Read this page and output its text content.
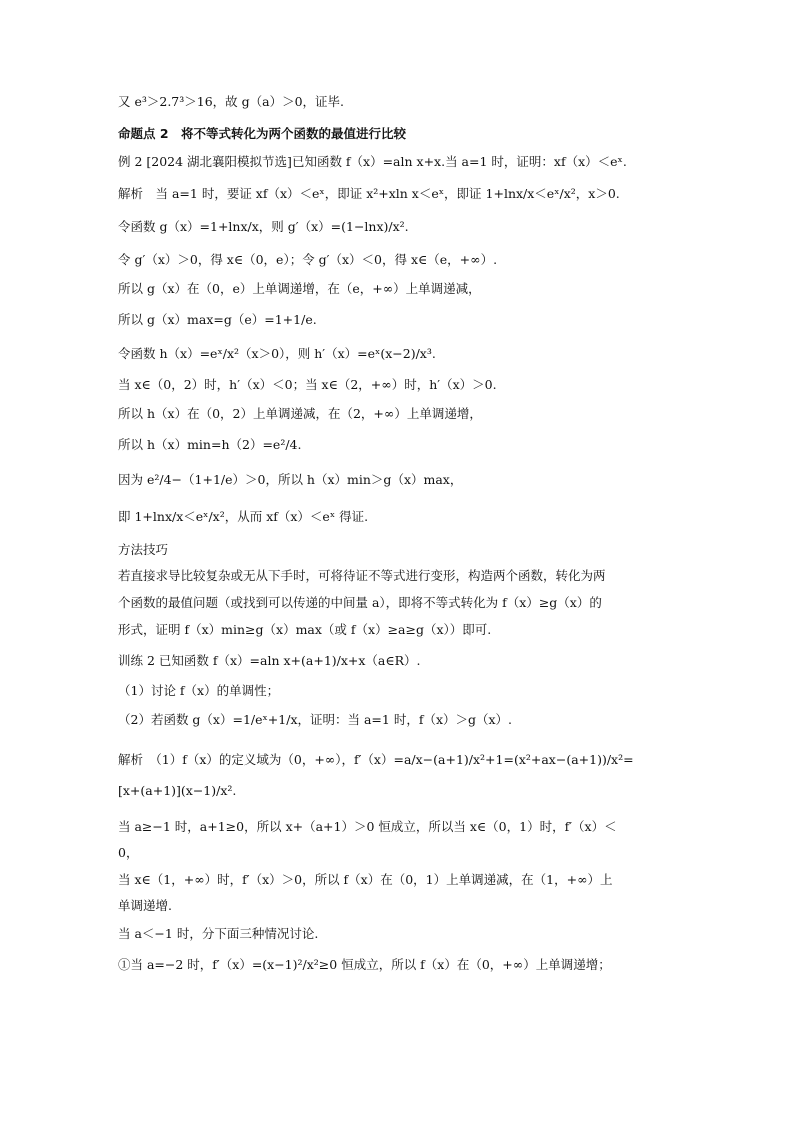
又 e³＞2.7³＞16，故 g（a）＞0，证毕.
命题点 2　将不等式转化为两个函数的最值进行比较
例 2 [2024 湖北襄阳模拟节选]已知函数 f（x）=aln x+x.当 a=1 时，证明：xf（x）＜eˣ.
解析　当 a=1 时，要证 xf（x）＜eˣ，即证 x²+xln x＜eˣ，即证 1+lnx/x＜eˣ/x²，x＞0.
令函数 g（x）=1+lnx/x，则 g′（x）=(1−lnx)/x².
令 g′（x）＞0，得 x∈（0，e）；令 g′（x）＜0，得 x∈（e，+∞）.
所以 g（x）在（0，e）上单调递增，在（e，+∞）上单调递减，
所以 g（x）max=g（e）=1+1/e.
令函数 h（x）=eˣ/x²（x＞0），则 h′（x）=eˣ(x−2)/x³.
当 x∈（0，2）时，h′（x）＜0；当 x∈（2，+∞）时，h′（x）＞0.
所以 h（x）在（0，2）上单调递减，在（2，+∞）上单调递增，
所以 h（x）min=h（2）=e²/4.
因为 e²/4−（1+1/e）＞0，所以 h（x）min＞g（x）max，
即 1+lnx/x＜eˣ/x²，从而 xf（x）＜eˣ 得证.
方法技巧
若直接求导比较复杂或无从下手时，可将待证不等式进行变形，构造两个函数，转化为两
个函数的最值问题（或找到可以传递的中间量 a），即将不等式转化为 f（x）≥g（x）的
形式，证明 f（x）min≥g（x）max（或 f（x）≥a≥g（x））即可.
训练 2 已知函数 f（x）=aln x+(a+1)/x+x（a∈R）.
（1）讨论 f（x）的单调性；
（2）若函数 g（x）=1/eˣ+1/x，证明：当 a=1 时，f（x）＞g（x）.
解析　（1）f（x）的定义域为（0，+∞），f′（x）=a/x−(a+1)/x²+1=(x²+ax−(a+1))/x²=
[x+(a+1)](x−1)/x².
当 a≥−1 时，a+1≥0，所以 x+（a+1）＞0 恒成立，所以当 x∈（0，1）时，f′（x）＜
0，
当 x∈（1，+∞）时，f′（x）＞0，所以 f（x）在（0，1）上单调递减，在（1，+∞）上
单调递增.
当 a＜−1 时，分下面三种情况讨论.
①当 a=−2 时，f′（x）=(x−1)²/x²≥0 恒成立，所以 f（x）在（0，+∞）上单调递增；
